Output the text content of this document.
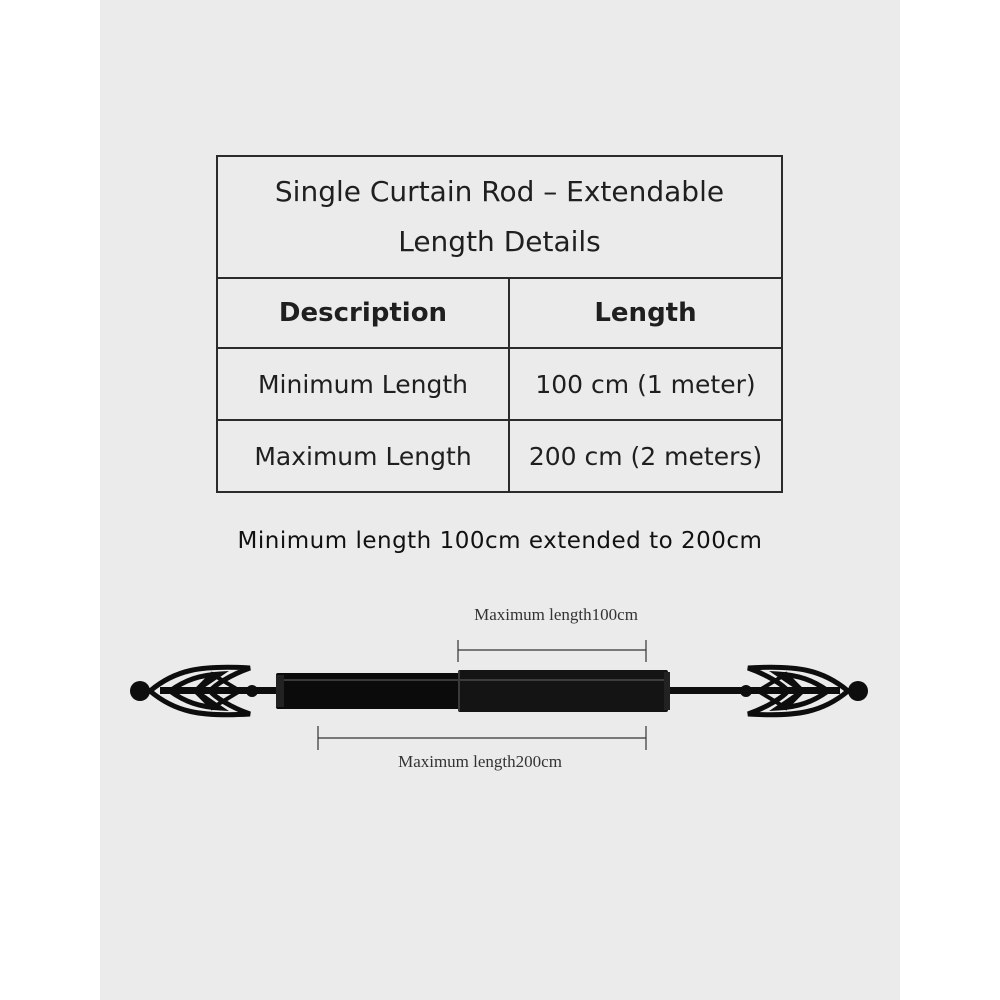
Single Curtain Rod – Extendable
Length Details	

Description	Length
Minimum Length	100 cm (1 meter)
Maximum Length	200 cm (2 meters)
Minimum length 100cm extended to 200cm
Maximum length100cm
Maximum length200cm
